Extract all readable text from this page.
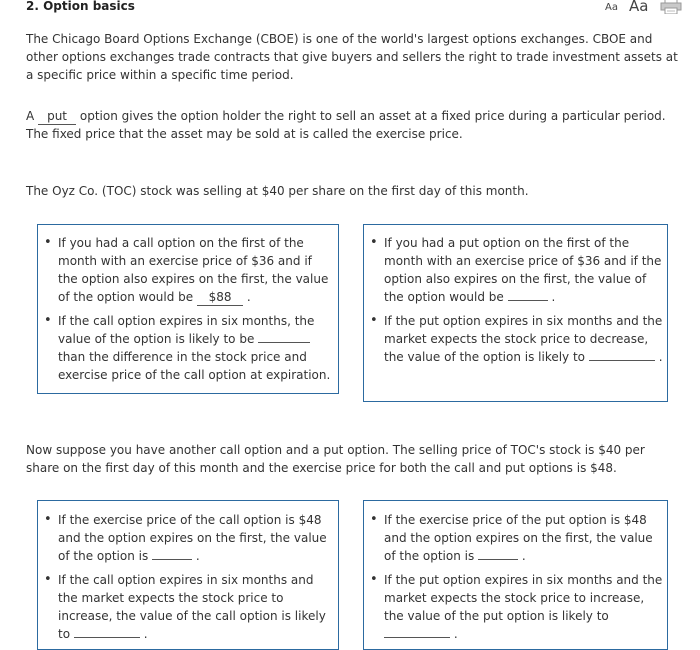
2. Option basics	Aa Aa

The Chicago Board Options Exchange (CBOE) is one of the world's largest options exchanges. CBOE and other options exchanges trade contracts that give buyers and sellers the right to trade investment assets at a specific price within a specific time period.

A put option gives the option holder the right to sell an asset at a fixed price during a particular period. The fixed price that the asset may be sold at is called the exercise price.

The Oyz Co. (TOC) stock was selling at $40 per share on the first day of this month.

• If you had a call option on the first of the month with an exercise price of $36 and if the option also expires on the first, the value of the option would be $88 .
• If the call option expires in six months, the value of the option is likely to be  than the difference in the stock price and exercise price of the call option at expiration.
• If you had a put option on the first of the month with an exercise price of $36 and if the option also expires on the first, the value of the option would be	.
• If the put option expires in six months and the market expects the stock price to decrease, the value of the option is likely to	.

Now suppose you have another call option and a put option. The selling price of TOC's stock is $40 per share on the first day of this month and the exercise price for both the call and put options is $48.

• If the exercise price of the call option is $48 and the option expires on the first, the value of the option is	.
• If the call option expires in six months and the market expects the stock price to increase, the value of the call option is likely to	.
• If the exercise price of the put option is $48 and the option expires on the first, the value of the option is	.
• If the put option expires in six months and the market expects the stock price to increase, the value of the put option is likely to  .
